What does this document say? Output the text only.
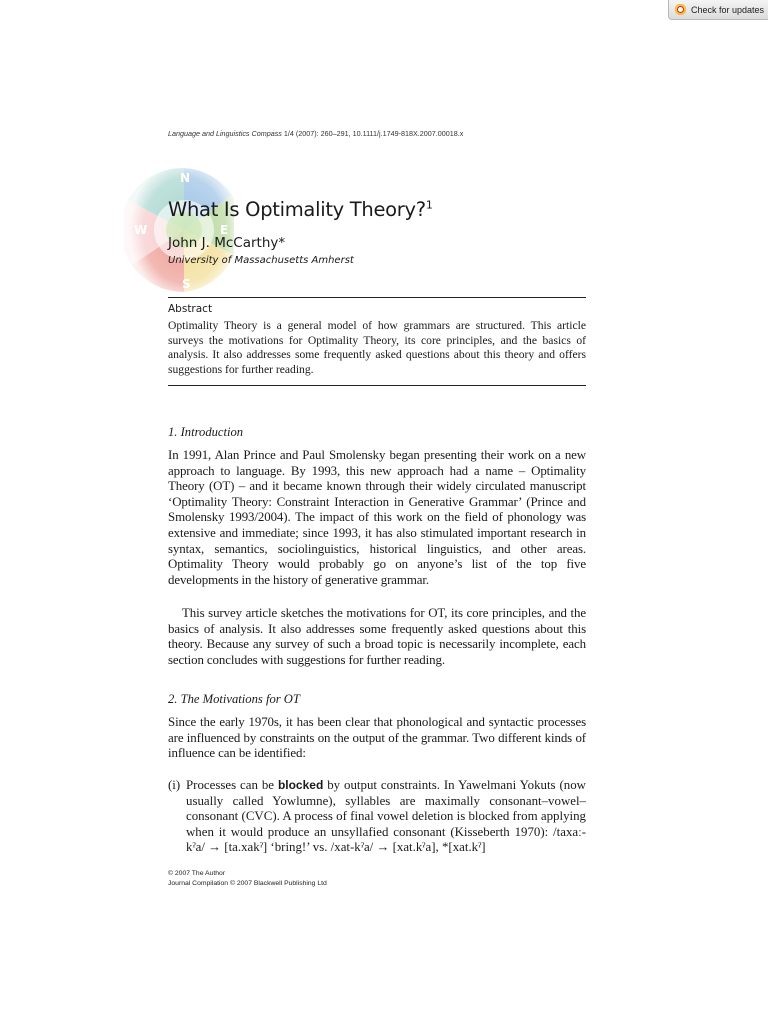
Check for updates
Language and Linguistics Compass 1/4 (2007): 260–291, 10.1111/j.1749-818X.2007.00018.x
What Is Optimality Theory?$^1$
John J. McCarthy*
University of Massachusetts Amherst
Abstract
Optimality Theory is a general model of how grammars are structured. This article surveys the motivations for Optimality Theory, its core principles, and the basics of analysis. It also addresses some frequently asked questions about this theory and offers suggestions for further reading.
1. Introduction
In 1991, Alan Prince and Paul Smolensky began presenting their work on a new approach to language. By 1993, this new approach had a name – Optimality Theory (OT) – and it became known through their widely circulated manuscript ‘Optimality Theory: Constraint Interaction in Generative Grammar’ (Prince and Smolensky 1993/2004). The impact of this work on the field of phonology was extensive and immediate; since 1993, it has also stimulated important research in syntax, semantics, sociolinguistics, historical linguistics, and other areas. Optimality Theory would probably go on anyone’s list of the top five developments in the history of generative grammar.
This survey article sketches the motivations for OT, its core principles, and the basics of analysis. It also addresses some frequently asked questions about this theory. Because any survey of such a broad topic is necessarily incomplete, each section concludes with suggestions for further reading.
2. The Motivations for OT
Since the early 1970s, it has been clear that phonological and syntactic processes are influenced by constraints on the output of the grammar. Two different kinds of influence can be identified:
(i) Processes can be blocked by output constraints. In Yawelmani Yokuts (now usually called Yowlumne), syllables are maximally consonant–vowel–consonant (CVC). A process of final vowel deletion is blocked from applying when it would produce an unsyllafied consonant (Kisseberth 1970): /taxaː-kˀa/ → [ta.xakˀ] ‘bring!’ vs. /xat-kˀa/ → [xat.kˀa], *[xat.kˀ]
© 2007 The Author
Journal Compilation © 2007 Blackwell Publishing Ltd
